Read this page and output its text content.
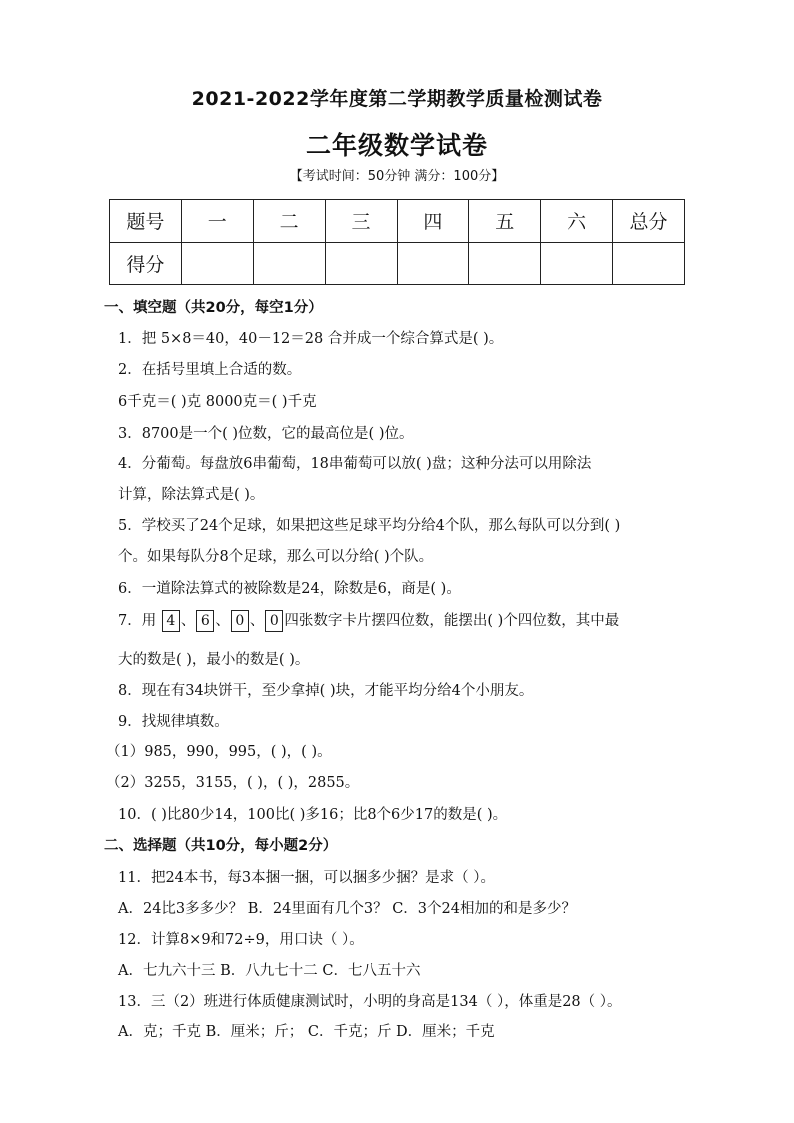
2021-2022学年度第二学期教学质量检测试卷
二年级数学试卷
【考试时间：50分钟 满分：100分】
题号	一	二	三	四	五	六	总分
得分							
一、填空题（共20分，每空1分）
1．把 5×8＝40，40－12＝28 合并成一个综合算式是( )。
2．在括号里填上合适的数。
6千克＝( )克 8000克＝( )千克
3．8700是一个( )位数，它的最高位是( )位。
4．分葡萄。每盘放6串葡萄，18串葡萄可以放( )盘；这种分法可以用除法
计算，除法算式是( )。
5．学校买了24个足球，如果把这些足球平均分给4个队，那么每队可以分到( )
个。如果每队分8个足球，那么可以分给( )个队。
6．一道除法算式的被除数是24，除数是6，商是( )。
7．用 4 、 6 、 0 、 0 四张数字卡片摆四位数，能摆出( )个四位数，其中最
大的数是( )，最小的数是( )。
8．现在有34块饼干，至少拿掉( )块，才能平均分给4个小朋友。
9．找规律填数。
（1）985，990，995，( )，( )。
（2）3255，3155，( )，( )，2855。
10．( )比80少14，100比( )多16；比8个6少17的数是( )。
二、选择题（共10分，每小题2分）
11．把24本书，每3本捆一捆，可以捆多少捆？是求（ ）。
A．24比3多多少？ B．24里面有几个3？ C．3个24相加的和是多少？
12．计算8×9和72÷9，用口诀（ ）。
A．七九六十三 B．八九七十二 C．七八五十六
13．三（2）班进行体质健康测试时，小明的身高是134（ ），体重是28（ ）。
A．克；千克 B．厘米；斤； C．千克；斤 D．厘米；千克
